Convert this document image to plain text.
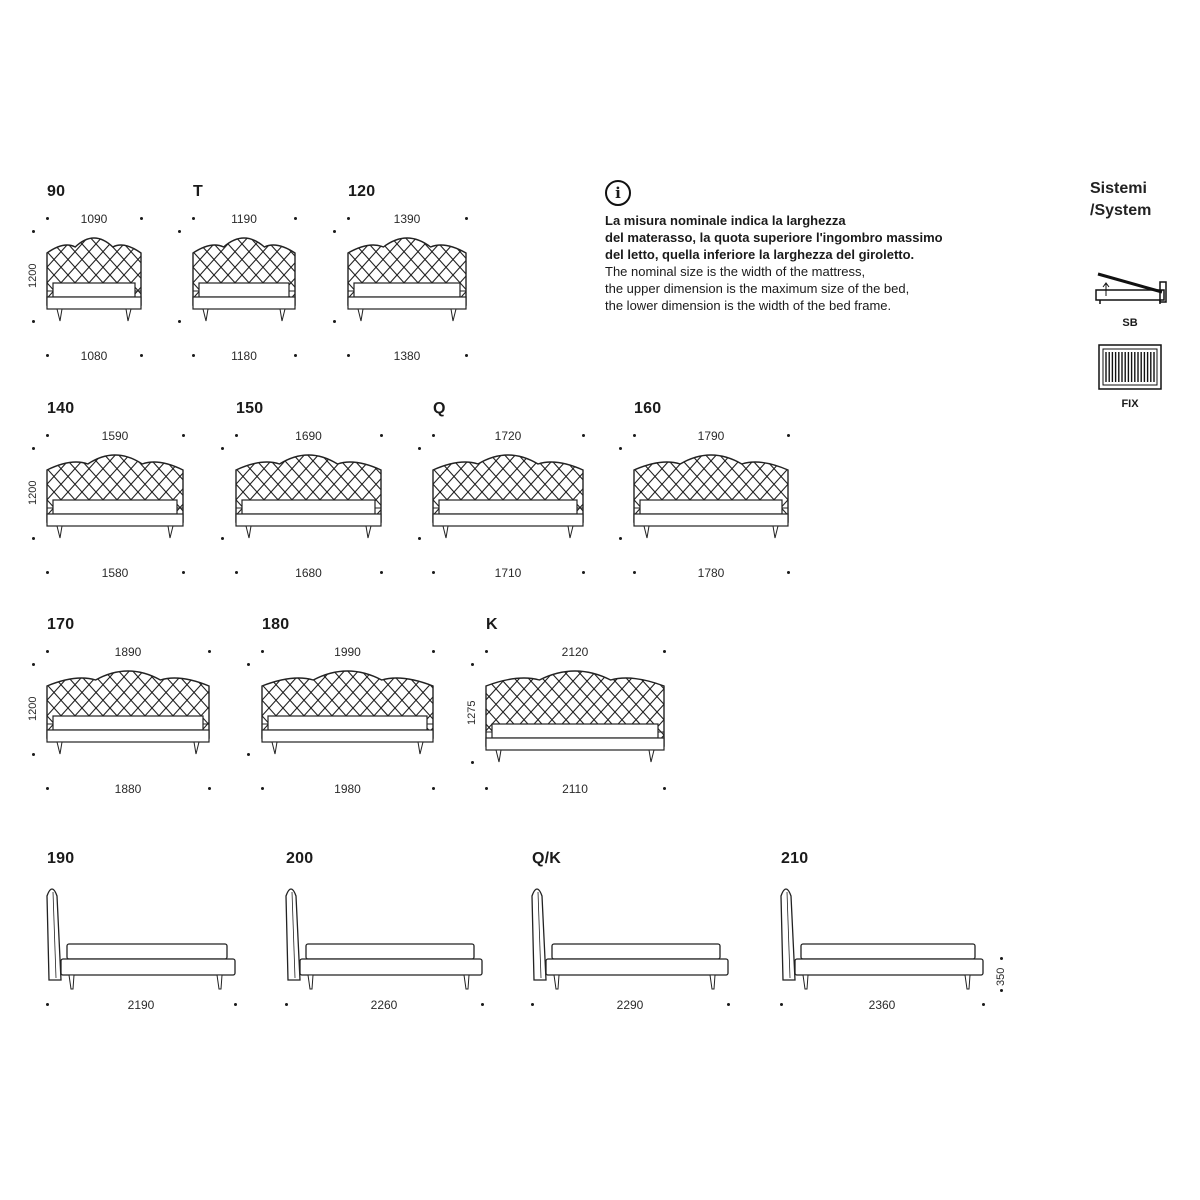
90
1090
1200
1080
T
1190
1180
120
1390
1380
140
1590
1200
1580
150
1690
1680
Q
1720
1710
160
1790
1780
170
1890
1200
1880
180
1990
1980
K
2120
1275
2110
190
2190
200
2260
Q/K
2290
210
2360
350
i

La misura nominale indica la larghezza

del materasso, la quota superiore l'ingombro massimo

del letto, quella inferiore la larghezza del giroletto.

The nominal size is the width of the mattress,

the upper dimension is the maximum size of the bed,

the lower dimension is the width of the bed frame.

Sistemi
/System
SB
FIX
